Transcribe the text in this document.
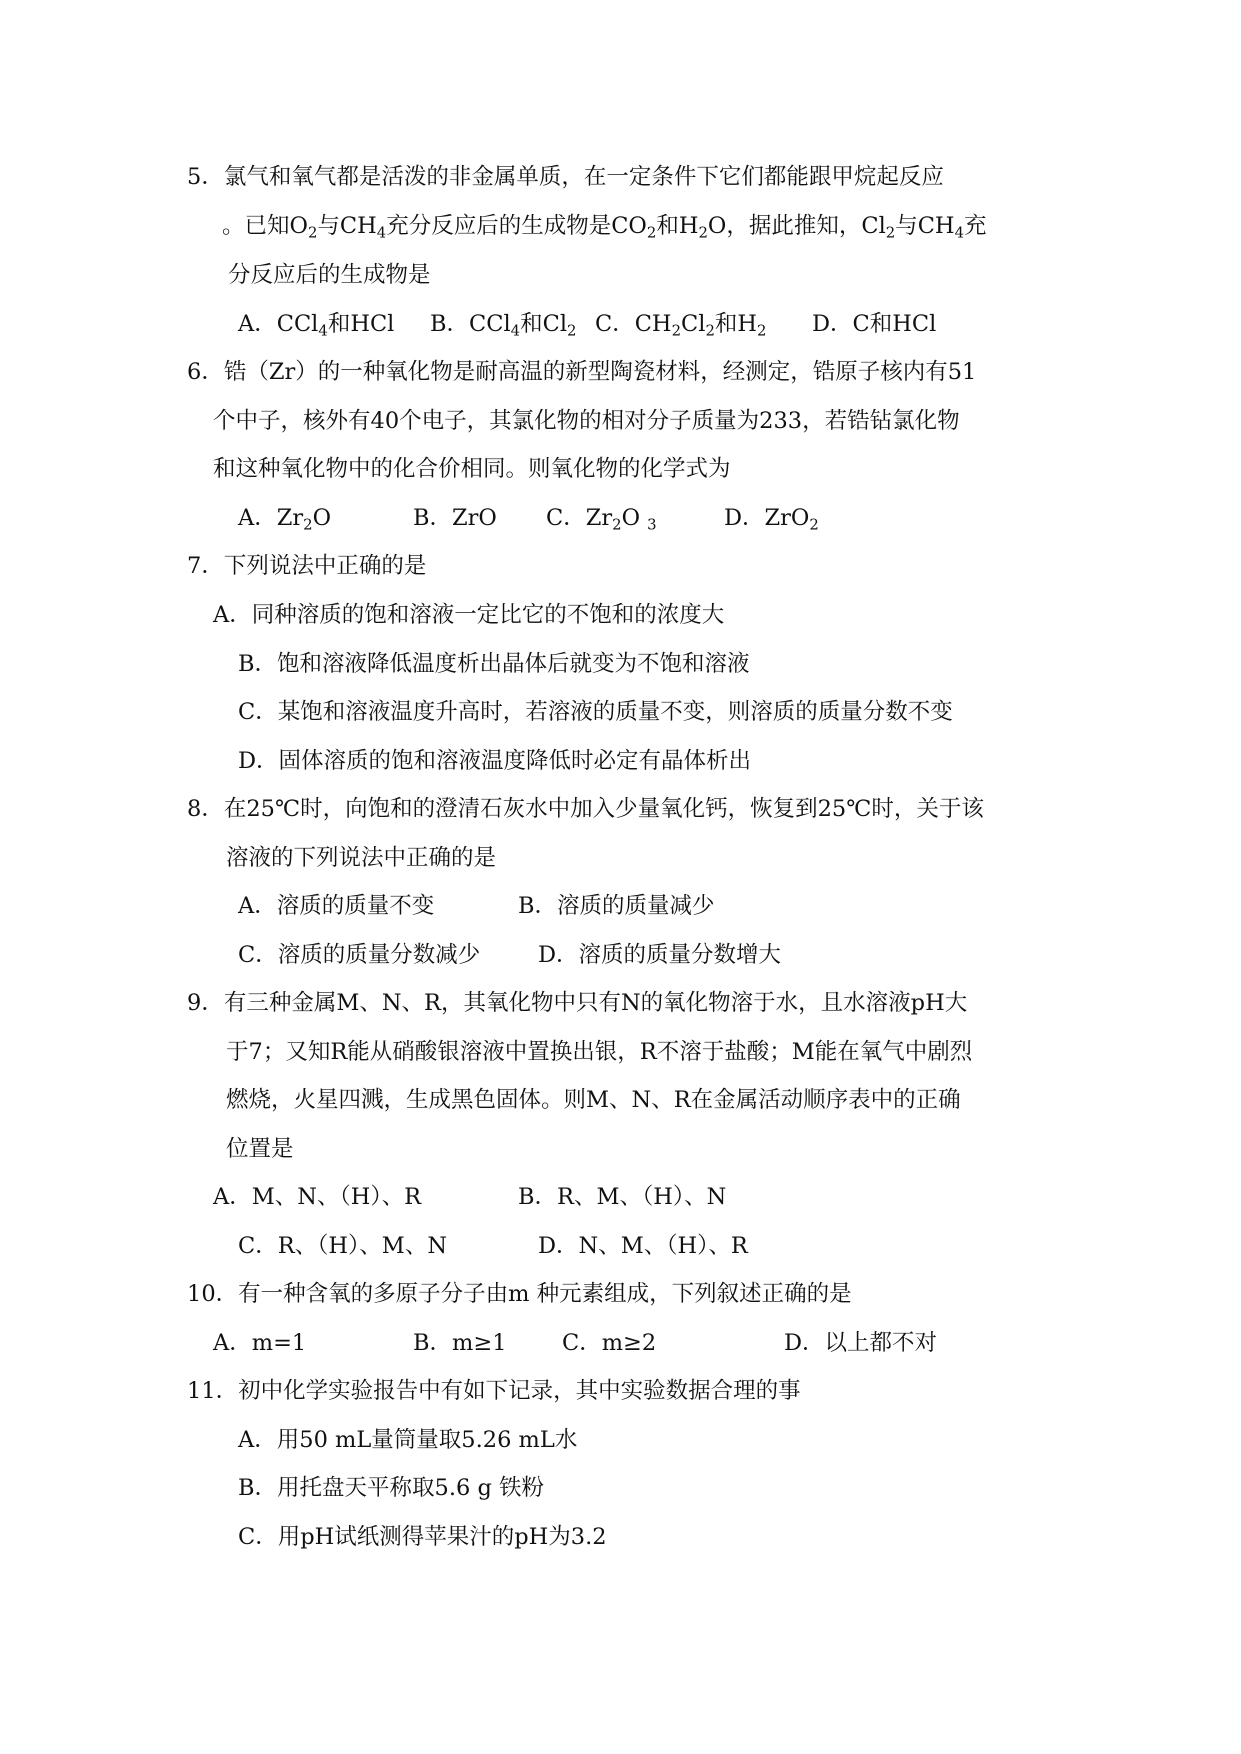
5．氯气和氧气都是活泼的非金属单质，在一定条件下它们都能跟甲烷起反应
。已知$O_2$与$CH_4$充分反应后的生成物是$CO_2$和$H_2O$，据此推知，$Cl_2$与$CH_4$充
分反应后的生成物是
A．CCl$_4$和HCl B．CCl$_4$和$Cl_2$ C．$CH_2Cl_2$和$H_2$ D．C和HCl
6．锆（Zr）的一种氧化物是耐高温的新型陶瓷材料，经测定，锆原子核内有51
个中子，核外有40个电子，其氯化物的相对分子质量为233，若锆钻氯化物
和这种氧化物中的化合价相同。则氧化物的化学式为
A．$Zr_2O$	B．ZrO C．$Zr_2O$ $_3$	D．ZrO$_2$
7．下列说法中正确的是
A．同种溶质的饱和溶液一定比它的不饱和的浓度大
B．饱和溶液降低温度析出晶体后就变为不饱和溶液
C．某饱和溶液温度升高时，若溶液的质量不变，则溶质的质量分数不变
D．固体溶质的饱和溶液温度降低时必定有晶体析出
8．在25℃时，向饱和的澄清石灰水中加入少量氧化钙，恢复到25℃时，关于该
溶液的下列说法中正确的是
A．溶质的质量不变	B．溶质的质量减少
C．溶质的质量分数减少	D．溶质的质量分数增大
9．有三种金属M、N、R，其氧化物中只有N的氧化物溶于水，且水溶液pH大
于7；又知R能从硝酸银溶液中置换出银，R不溶于盐酸；M能在氧气中剧烈
燃烧，火星四溅，生成黑色固体。则M、N、R在金属活动顺序表中的正确
位置是
A．M、N、（H）、R	B．R、M、（H）、N
C．R、（H）、M、N	D．N、M、（H）、R
10．有一种含氧的多原子分子由m 种元素组成，下列叙述正确的是
A．m=1	B．m≥1 C．m≥2	D．以上都不对
11．初中化学实验报告中有如下记录，其中实验数据合理的事
A．用50 mL量筒量取5.26 mL水
B．用托盘天平称取5.6 g 铁粉
C．用pH试纸测得苹果汁的pH为3.2
